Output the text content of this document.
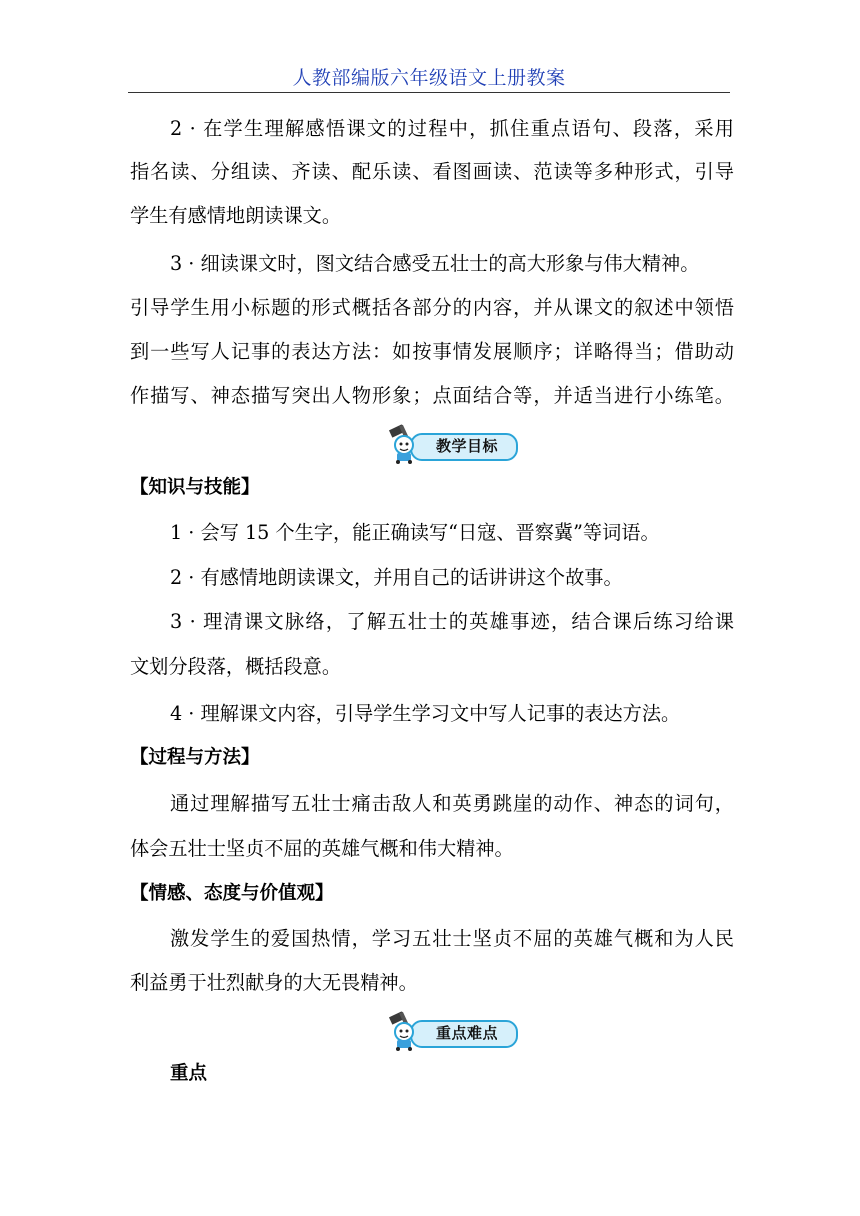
人教部编版六年级语文上册教案
2 · 在学生理解感悟课文的过程中，抓住重点语句、段落，采用
指名读、分组读、齐读、配乐读、看图画读、范读等多种形式，引导
学生有感情地朗读课文。
3 · 细读课文时，图文结合感受五壮士的高大形象与伟大精神。
引导学生用小标题的形式概括各部分的内容，并从课文的叙述中领悟
到一些写人记事的表达方法：如按事情发展顺序；详略得当；借助动
作描写、神态描写突出人物形象；点面结合等，并适当进行小练笔。
教学目标
【知识与技能】
1 · 会写 15 个生字，能正确读写“日寇、晋察冀”等词语。
2 · 有感情地朗读课文，并用自己的话讲讲这个故事。
3 · 理清课文脉络，了解五壮士的英雄事迹，结合课后练习给课
文划分段落，概括段意。
4 · 理解课文内容，引导学生学习文中写人记事的表达方法。
【过程与方法】
通过理解描写五壮士痛击敌人和英勇跳崖的动作、神态的词句，
体会五壮士坚贞不屈的英雄气概和伟大精神。
【情感、态度与价值观】
激发学生的爱国热情，学习五壮士坚贞不屈的英雄气概和为人民
利益勇于壮烈献身的大无畏精神。
重点难点
重点
